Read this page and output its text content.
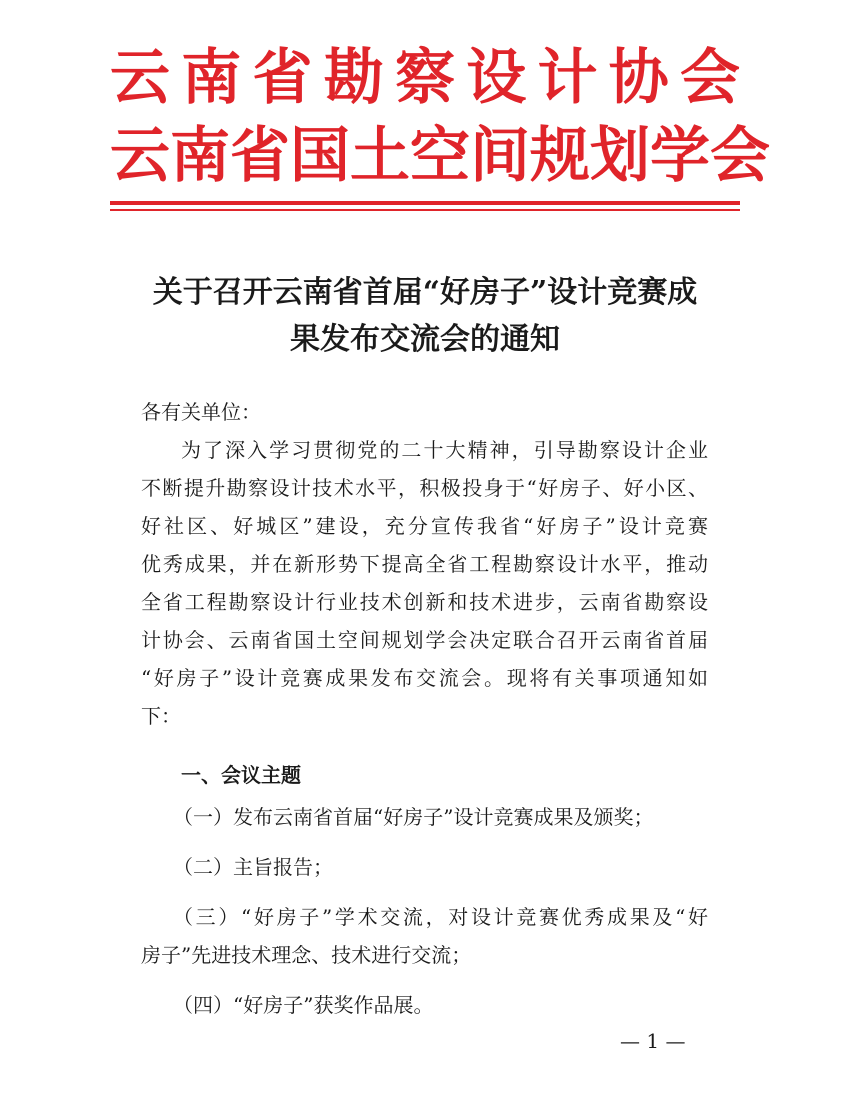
云南省勘察设计协会
云南省国土空间规划学会
关于召开云南省首届“好房子”设计竞赛成
果发布交流会的通知
各有关单位：
为了深入学习贯彻党的二十大精神，引导勘察设计企业
不断提升勘察设计技术水平，积极投身于“好房子、好小区、
好社区、好城区”建设，充分宣传我省“好房子”设计竞赛
优秀成果，并在新形势下提高全省工程勘察设计水平，推动
全省工程勘察设计行业技术创新和技术进步，云南省勘察设
计协会、云南省国土空间规划学会决定联合召开云南省首届
“好房子”设计竞赛成果发布交流会。现将有关事项通知如
下：
一、会议主题
（一）发布云南省首届“好房子”设计竞赛成果及颁奖；
（二）主旨报告；
（三）“好房子”学术交流，对设计竞赛优秀成果及“好
房子”先进技术理念、技术进行交流；
（四）“好房子”获奖作品展。
— 1 —
